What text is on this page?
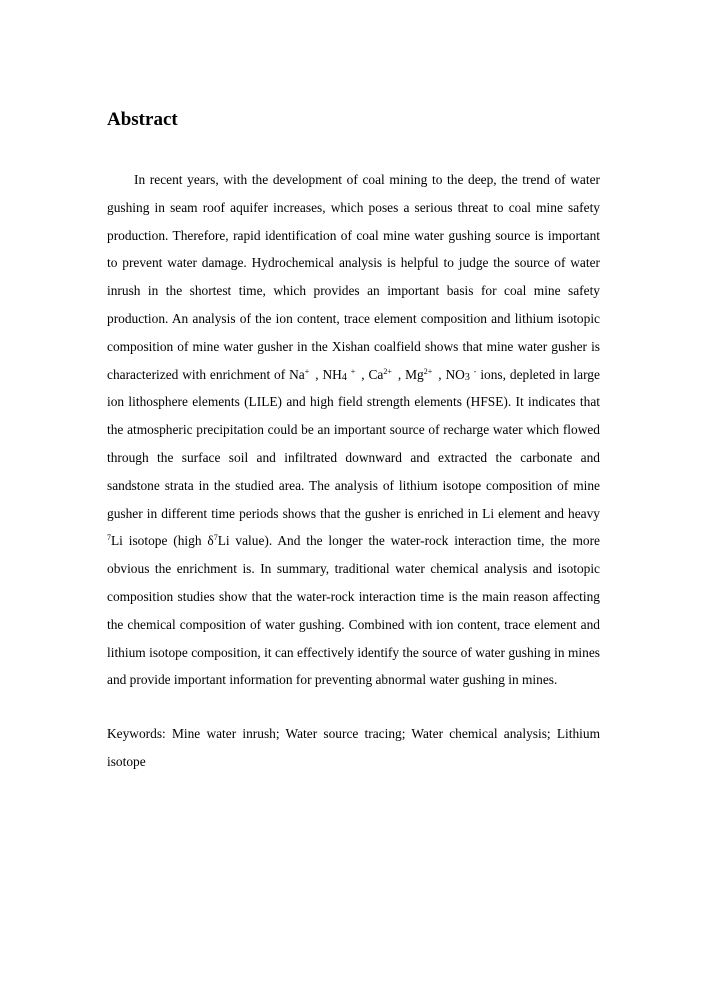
Abstract

In recent years, with the development of coal mining to the deep, the trend of water gushing in seam roof aquifer increases, which poses a serious threat to coal mine safety production. Therefore, rapid identification of coal mine water gushing source is important to prevent water damage. Hydrochemical analysis is helpful to judge the source of water inrush in the shortest time, which provides an important basis for coal mine safety production. An analysis of the ion content, trace element composition and lithium isotopic composition of mine water gusher in the Xishan coalfield shows that mine water gusher is characterized with enrichment of Na+ , $NH_4$ + , $Ca^{2+}$ , $Mg^{2+}$ , $NO_3$ - ions, depleted in large ion lithosphere elements (LILE) and high field strength elements (HFSE). It indicates that the atmospheric precipitation could be an important source of recharge water which flowed through the surface soil and infiltrated downward and extracted the carbonate and sandstone strata in the studied area. The analysis of lithium isotope composition of mine gusher in different time periods shows that the gusher is enriched in Li element and heavy $^7$Li isotope (high $\delta^7Li$ value). And the longer the water-rock interaction time, the more obvious the enrichment is. In summary, traditional water chemical analysis and isotopic composition studies show that the water-rock interaction time is the main reason affecting the chemical composition of water gushing. Combined with ion content, trace element and lithium isotope composition, it can effectively identify the source of water gushing in mines and provide important information for preventing abnormal water gushing in mines.

Keywords: Mine water inrush; Water source tracing; Water chemical analysis; Lithium isotope
